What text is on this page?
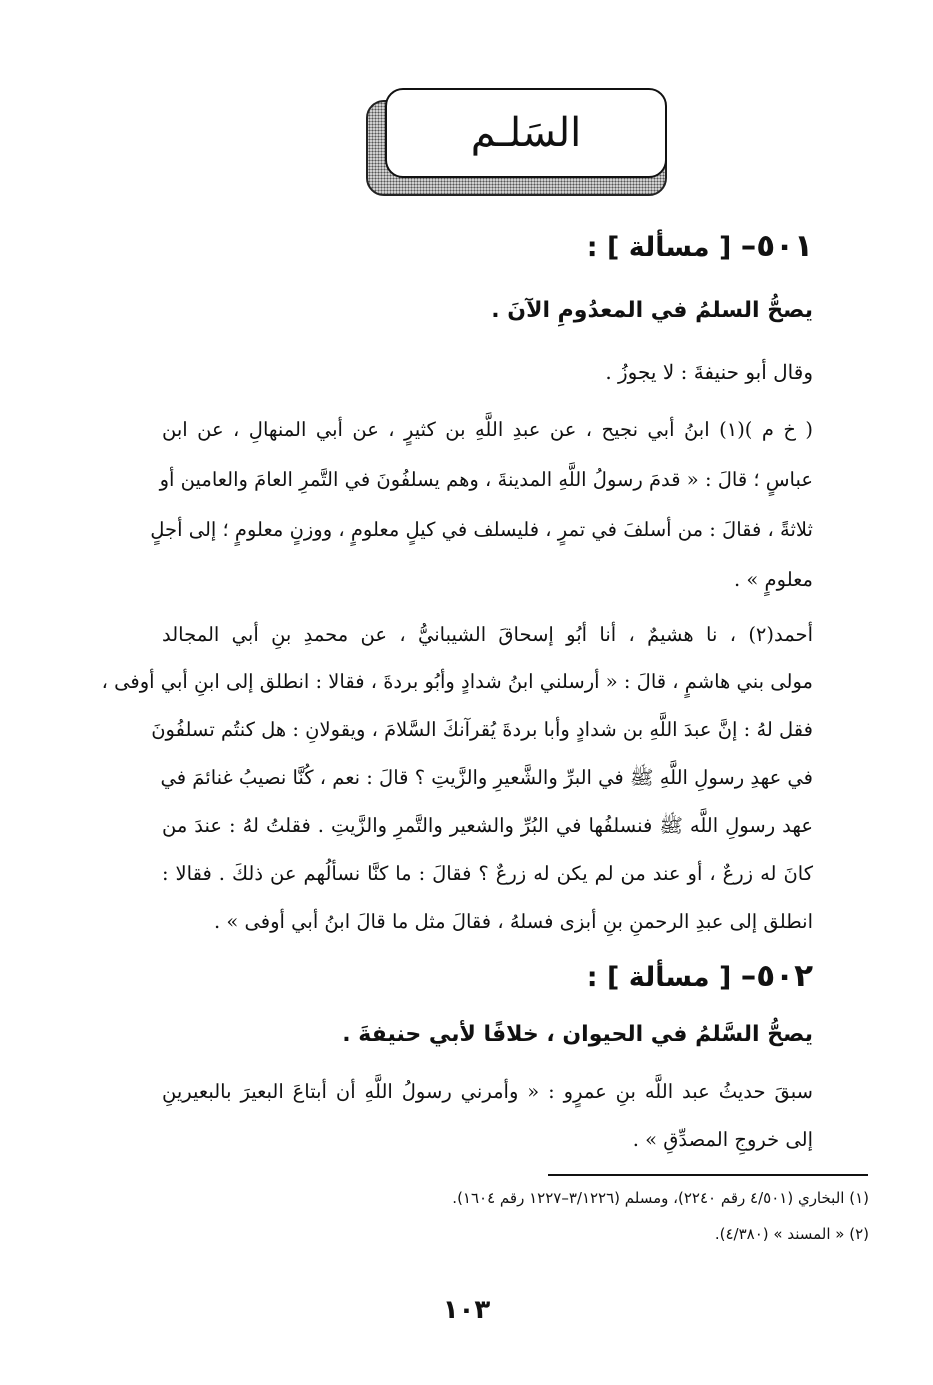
السَلـم
٥٠١– [ مسألة ] :
يصحُّ السلمُ في المعدُومِ الآنَ .
وقال أبو حنيفةَ : لا يجوزُ .
( خ م )(١) ابنُ أبي نجيح ، عن عبدِ اللَّهِ بن كثيرٍ ، عن أبي المنهالِ ، عن ابن
عباسٍ ؛ قالَ : « قدمَ رسولُ اللَّهِ المدينةَ ، وهم يسلفُونَ في التَّمرِ العامَ والعامين أو
ثلاثةً ، فقالَ : من أسلفَ في تمرٍ ، فليسلف في كيلٍ معلومٍ ، ووزنٍ معلومٍ ؛ إلى أجلٍ
معلومٍ » .
أحمد(٢) ، نا هشيمٌ ، أنا أبُو إسحاقَ الشيبانيُّ ، عن محمدِ بنِ أبي المجالد
مولى بني هاشمٍ ، قالَ : « أرسلني ابنُ شدادٍ وأبُو بردةَ ، فقالا : انطلق إلى ابنِ أبي أوفى ،
فقل لهُ : إنَّ عبدَ اللَّهِ بن شدادٍ وأبا بردةَ يُقرآنكَ السَّلامَ ، ويقولانِ : هل كنتُم تسلفُونَ
في عهدِ رسولِ اللَّهِ ﷺ في البرِّ والشَّعيرِ والزَّيتِ ؟ قالَ : نعم ، كُنَّا نصيبُ غنائمَ في
عهد رسولِ اللَّه ﷺ فنسلفُها في البُرِّ والشعير والتَّمرِ والزَّيتِ . فقلتُ لهُ : عندَ من
كانَ له زرعٌ ، أو عند من لم يكن له زرعٌ ؟ فقالَ : ما كنَّا نسألُهم عن ذلكَ . فقالا :
انطلق إلى عبدِ الرحمنِ بنِ أبزى فسلهُ ، فقالَ مثل ما قالَ ابنُ أبي أوفى » .
٥٠٢– [ مسألة ] :
يصحُّ السَّلمُ في الحيوان ، خلافًا لأبي حنيفةَ .
سبقَ حديثُ عبد اللَّه بنِ عمرٍو : « وأمرني رسولُ اللَّهِ أن أبتاعَ البعيرَ بالبعيرينِ
إلى خروجِ المصدِّقِ » .
(١) البخاري (٤/٥٠١ رقم ٢٢٤٠)، ومسلم (٣/١٢٢٦–١٢٢٧ رقم ١٦٠٤).
(٢) « المسند » (٤/٣٨٠).
١٠٣
